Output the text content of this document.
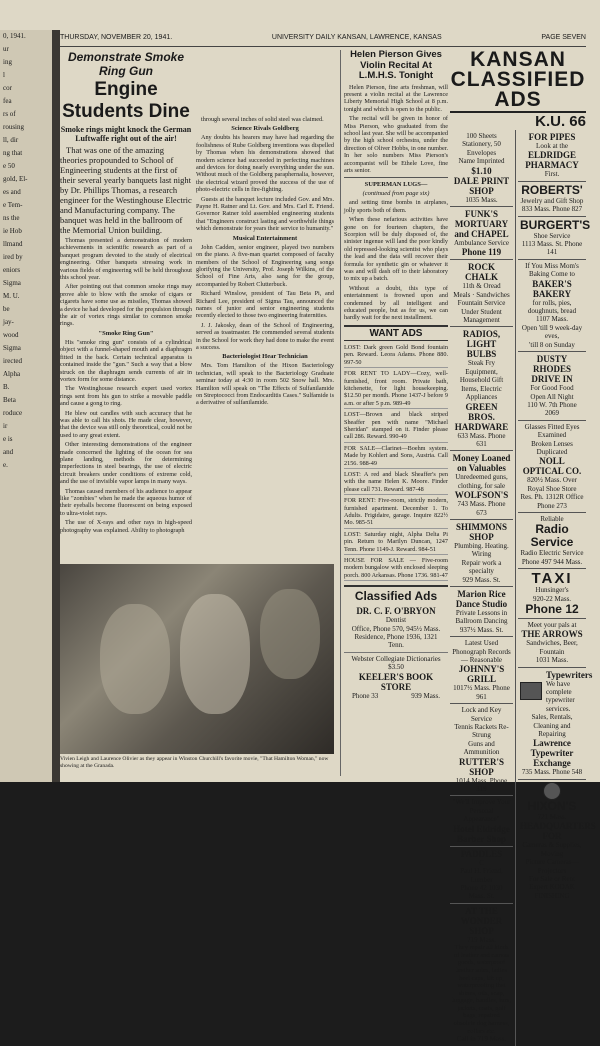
0, 1941.
ur
ing
l
cor
fea
rs of
rousing
ll, dir
ng that
e 50
gold, El-
es and
e Tem-
ns the
ie Hob
llmand
ired by
eniors
Sigma
M. U.
be
jay-
wood
Sigma
irected
Alpha
B.
Beta
roduce
ir
e is
and
e.
THURSDAY, NOVEMBER 20, 1941.	UNIVERSITY DAILY KANSAN, LAWRENCE, KANSAS	PAGE SEVEN
Demonstrate Smoke Ring Gun
Engine Students Dine
Smoke rings might knock the German Luftwaffe right out of the air!
That was one of the amazing theories propounded to School of Engineering students at the first of their several yearly banquets last night by Dr. Phillips Thomas, a research engineer for the Westinghouse Electric and Manufacturing company. The banquet was held in the ballroom of the Memorial Union building.

Thomas presented a demonstration of modern achievements in scientific research as part of a banquet program devoted to the study of electrical engineering. Other banquets stressing work in various fields of engineering will be held throughout this school year.

After pointing out that common smoke rings may prove able to blow with the smoke of cigars or cigarets have some use as missiles, Thomas showed a device he had developed for the propulsion through the air of vortex rings similar to common smoke rings.

"Smoke Ring Gun"

His "smoke ring gun" consists of a cylindrical object with a funnel-shaped mouth and a diaphragm fitted in the back. Certain technical apparatus is contained inside the "gun." Such a way that a blow struck on the diaphragm sends currents of air in vortex form for some distance.

The Westinghouse research expert used vortex rings sent from his gun to strike a movable paddle and cause a gong to ring.

He blew out candles with such accuracy that he was able to call his shots. He made clear, however, that the device was still only theoretical, could not be used to any great extent.

Other interesting demonstrations of the engineer made concerned the lighting of the ocean for sea plane landing, methods for determining imperfections in steel bearings, the use of electric circuit breakers under conditions of extreme cold, and the use of invisible vapor lamps in many ways.

Thomas caused members of his audience to appear like "zombies" when he made the aqueous humor of their eyeballs become fluorescent on being exposed to ultra-violet rays.

The use of X-rays and other rays in high-speed photography was explained. Ability to photograph

through several inches of solid steel was claimed.

Science Rivals Goldberg

Any doubts his hearers may have had regarding the foolishness of Rube Goldberg inventions was dispelled by Thomas when his demonstrations showed that modern science had succeeded in perfecting machines and devices for doing nearly everything under the sun. Without much of the Goldberg paraphernalia, however, the electrical wizard proved the success of the use of photo-electric cells in fire-fighting.

Guests at the banquet lecture included Gov. and Mrs. Payne H. Ratner and Lt. Gov. and Mrs. Carl E. Friend. Governor Ratner told assembled engineering students that "Engineers construct lasting and worthwhile things which demonstrate for years their service to humanity."

Musical Entertainment

John Cadden, senior engineer, played two numbers on the piano. A five-man quartet composed of faculty members of the School of Engineering sang songs glorifying the University, Prof. Joseph Wilkins, of the School of Fine Arts, also sang for the group, accompanied by Robert Clutterbuck.

Richard Winslow, president of Tau Beta Pi, and Richard Lee, president of Sigma Tau, announced the names of junior and senior engineering students recently elected to those two engineering fraternities.

J. J. Jakosky, dean of the School of Engineering, served as toastmaster. He commended several students in the School for work they had done to make the event a success.

Bacteriologist Hear Technician

Mrs. Tom Hamilton of the Hixon Bacteriology technician, will speak to the Bacteriology Graduate seminar today at 4:30 in room 502 Snow hall. Mrs. Hamilton will speak on "The Effects of Sulfanilamide on Streptococci from Endocarditis Cases." Sulfamide is a derivative of sulfanilamide.

Vivien Leigh and Laurence Olivier as they appear in Winston Churchill's favorite movie, "That Hamilton Woman," now showing at the Granada.
Helen Pierson Gives Violin Recital At L.M.H.S. Tonight

Helen Pierson, fine arts freshman, will present a violin recital at the Lawrence Liberty Memorial High School at 8 p.m. tonight and which is open to the public.

The recital will be given in honor of Miss Pierson, who graduated from the school last year. She will be accompanied by the high school orchestra, under the direction of Oliver Hobbs, in one number. In her solo numbers Miss Pierson's accompanist will be Ethele Love, fine arts senior.

SUPERMAN LUGS—
(continued from page six)

and setting time bombs in airplanes, jolly sports both of them.

When these nefarious activities have gone on for fourteen chapters, the Scorpion will be duly disposed of, the sinister ingenue will land the poor kindly old repressed-looking scientist who plays the lead and the data will recover their formula for synthetic gin or whatever it was and will dash off to their laboratory to mix up a batch.

Without a doubt, this type of entertainment is frowned upon and condemned by all intelligent and educated people, but as for us, we can hardly wait for the next installment.

WANT ADS

LOST: Dark green Gold Bond fountain pen. Reward. Leora Adams. Phone 880. 997-50

FOR RENT TO LADY—Cozy, well-furnished, front room. Private bath, kitchenette, for light housekeeping. $12.50 per month. Phone 1437-J before 9 a.m. or after 5 p.m. 989-49

LOST—Brown and black striped Sheaffer pen with name "Michael Sheridan" stamped on it. Finder please call 286. Reward. 990-49

FOR SALE—Clarinet—Boehm system. Made by Kohlert and Sons, Austria. Call 2156. 988-49

LOST: A red and black Sheaffer's pen with the name Helen K. Moore. Finder please call 731. Reward. 987-48

FOR RENT: Five-room, strictly modern, furnished apartment. December 1. To Adults. Frigidaire, garage. Inquire 822½ Mo. 985-51

LOST: Saturday night, Alpha Delta Pi pin. Return to Marilyn Duncan, 1247 Tenn. Phone 1149-J. Reward. 984-51

HOUSE FOR SALE — Five-room modern bungalow with enclosed sleeping porch. 800 Arkansas. Phone 1736. 981-47

Classified Ads
DR. C. F. O'BRYON
Dentist
Office, Phone 570, 945½ Mass.
Residence, Phone 1936, 1321 Tenn.
Webster Collegiate Dictionaries
$3.50
KEELER'S BOOK STORE
Phone 33	939 Mass.
KANSAN
CLASSIFIED ADS
K.U. 66
100 Sheets Stationery, 50 Envelopes
Name Imprinted
$1.10
DALE PRINT SHOP
1035 Mass.
FUNK'S MORTUARY and CHAPEL
Ambulance Service
Phone 119
ROCK CHALK
11th & Oread
Meals · Sandwiches
Fountain Service
Under Student Management
RADIOS, LIGHT BULBS
Steak Fry Equipment, Household Gift Items, Electric Appliances
GREEN BROS. HARDWARE
633 Mass. Phone 631
Money Loaned on Valuables
Unredeemed guns, clothing, for sale
WOLFSON'S
743 Mass. Phone 673
SHIMMONS SHOP
Plumbing. Heating. Wiring
Repair work a specialty
929 Mass. St.
Marion Rice Dance Studio
Private Lessons in Ballroom Dancing
937½ Mass. St.
Latest Used Phonograph Records — Reasonable
JOHNNY'S GRILL
1017½ Mass. Phone 961
Lock and Key Service
Tennis Rackets Re-Strung
Guns and Ammunition
RUTTER'S SHOP
1014 Mass. Phone 319
"We'll Improve Your Personal Appearance"
Hotel Eldridge Barber Shop
PADDLES
C
Paul H. Friend, Lumber
Phone 42 1030 Mass. St.
AT THE WONDER SHOP
719 Mass.
They repair all kinds of leather and canvas goods, waterproof leather soles, ladies heel caps, lift up, waterproofing that shines, oils, soap, luggage, handles, furs, jackets, coats, golf bags, repaired obsolete dog harness, collars etc.
Call in 719 Mass.
FOR PIPES
Look at the
ELDRIDGE PHARMACY
First.
ROBERTS'
Jewelry and Gift Shop
833 Mass. Phone 827
BURGERT'S
Shoe Service
1113 Mass. St. Phone 141
If You Miss Mom's Baking Come to
BAKER'S BAKERY
for rolls, pies, doughnuts, bread
1107 Mass.
Open 'till 9 week-day eves,
'till 8 on Sunday
DUSTY RHODES DRIVE IN
For Good Food
Open All Night
110 W. 7th Phone 2069
Glasses Fitted Eyes Examined
Broken Lenses Duplicated
NOLL OPTICAL CO.
820½ Mass. Over Royal Shoe Store
Res. Ph. 1312R Office Phone 273
Reliable
Radio Service
Radio Electric Service
Phone 497 944 Mass.
TAXI
Hunsinger's
920-22 Mass.
Phone 12
Meet your pals at
THE ARROWS
Sandwiches, Beer, Fountain
1031 Mass.
Typewriters
We have complete typewriter
services.
Sales, Rentals, Cleaning and Repairing
Lawrence Typewriter Exchange
735 Mass. Phone 548
HIXON'S
721 Mass.
HEADQUARTERS FOR
Cameras & Supplies, Moving
Picture Cameras—Projectors
For Sale or Rent
Expert KODAK FINISHING
